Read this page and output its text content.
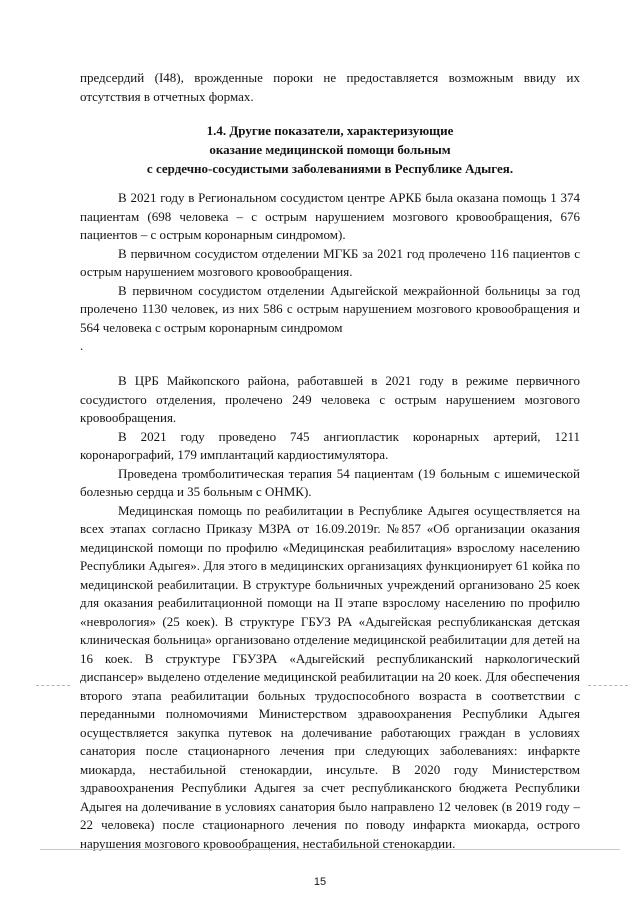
предсердий (I48), врожденные пороки не предоставляется возможным ввиду их отсутствия в отчетных формах.

1.4. Другие показатели, характеризующие
оказание медицинской помощи больным
с сердечно-сосудистыми заболеваниями в Республике Адыгея.

В 2021 году в Региональном сосудистом центре АРКБ была оказана помощь 1 374 пациентам (698 человека – с острым нарушением мозгового кровообращения, 676 пациентов – с острым коронарным синдромом).

В первичном сосудистом отделении МГКБ за 2021 год пролечено 116 пациентов с острым нарушением мозгового кровообращения.

В первичном сосудистом отделении Адыгейской межрайонной больницы за год пролечено 1130 человек, из них 586 с острым нарушением мозгового кровообращения и 564 человека с острым коронарным синдромом

.

В ЦРБ Майкопского района, работавшей в 2021 году в режиме первичного сосудистого отделения, пролечено 249 человека с острым нарушением мозгового кровообращения.

В 2021 году проведено 745 ангиопластик коронарных артерий, 1211 коронарографий, 179 имплантаций кардиостимулятора.

Проведена тромболитическая терапия 54 пациентам (19 больным с ишемической болезнью сердца и 35 больным с ОНМК).

Медицинская помощь по реабилитации в Республике Адыгея осуществляется на всех этапах согласно Приказу МЗРА от 16.09.2019г. №857 «Об организации оказания медицинской помощи по профилю «Медицинская реабилитация» взрослому населению Республики Адыгея». Для этого в медицинских организациях функционирует 61 койка по медицинской реабилитации. В структуре больничных учреждений организовано 25 коек для оказания реабилитационной помощи на II этапе взрослому населению по профилю «неврология» (25 коек). В структуре ГБУЗ РА «Адыгейская республиканская детская клиническая больница» организовано отделение медицинской реабилитации для детей на 16 коек. В структуре ГБУЗРА «Адыгейский республиканский наркологический диспансер» выделено отделение медицинской реабилитации на 20 коек. Для обеспечения второго этапа реабилитации больных трудоспособного возраста в соответствии с переданными полномочиями Министерством здравоохранения Республики Адыгея осуществляется закупка путевок на долечивание работающих граждан в условиях санатория после стационарного лечения при следующих заболеваниях: инфаркте миокарда, нестабильной стенокардии, инсульте. В 2020 году Министерством здравоохранения Республики Адыгея за счет республиканского бюджета Республики Адыгея на долечивание в условиях санатория было направлено 12 человек (в 2019 году –22 человека) после стационарного лечения по поводу инфаркта миокарда, острого нарушения мозгового кровообращения, нестабильной стенокардии.

15
